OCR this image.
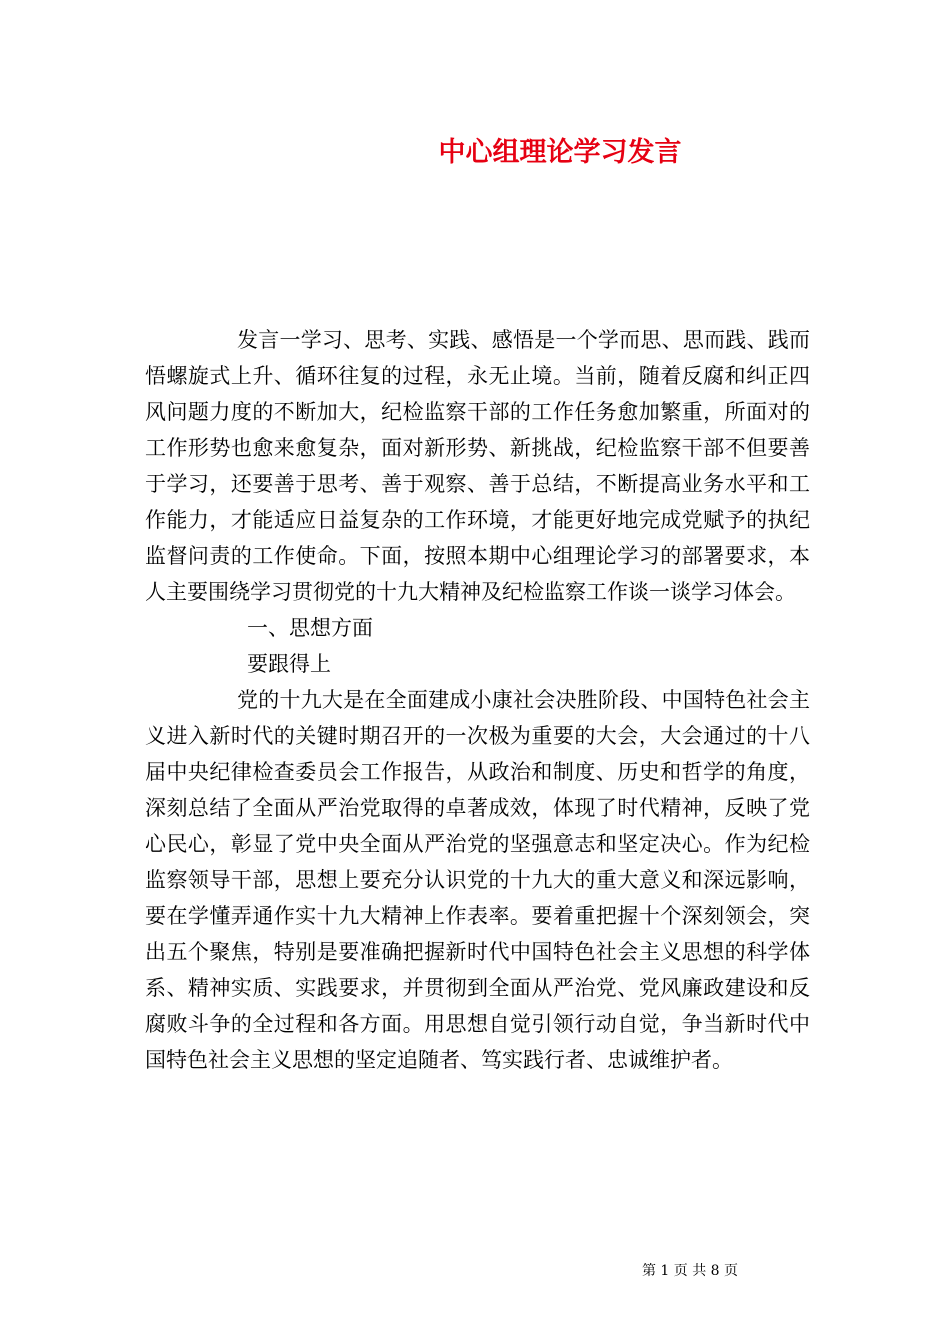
中心组理论学习发言

发言一学习、思考、实践、感悟是一个学而思、思而践、践而悟螺旋式上升、循环往复的过程，永无止境。当前，随着反腐和纠正四风问题力度的不断加大，纪检监察干部的工作任务愈加繁重，所面对的工作形势也愈来愈复杂，面对新形势、新挑战，纪检监察干部不但要善于学习，还要善于思考、善于观察、善于总结，不断提高业务水平和工作能力，才能适应日益复杂的工作环境，才能更好地完成党赋予的执纪监督问责的工作使命。下面，按照本期中心组理论学习的部署要求，本人主要围绕学习贯彻党的十九大精神及纪检监察工作谈一谈学习体会。

一、思想方面

要跟得上

党的十九大是在全面建成小康社会决胜阶段、中国特色社会主义进入新时代的关键时期召开的一次极为重要的大会，大会通过的十八届中央纪律检查委员会工作报告，从政治和制度、历史和哲学的角度，深刻总结了全面从严治党取得的卓著成效，体现了时代精神，反映了党心民心，彰显了党中央全面从严治党的坚强意志和坚定决心。作为纪检监察领导干部，思想上要充分认识党的十九大的重大意义和深远影响，要在学懂弄通作实十九大精神上作表率。要着重把握十个深刻领会，突出五个聚焦，特别是要准确把握新时代中国特色社会主义思想的科学体系、精神实质、实践要求，并贯彻到全面从严治党、党风廉政建设和反腐败斗争的全过程和各方面。用思想自觉引领行动自觉，争当新时代中国特色社会主义思想的坚定追随者、笃实践行者、忠诚维护者。

第 1 页 共 8 页
